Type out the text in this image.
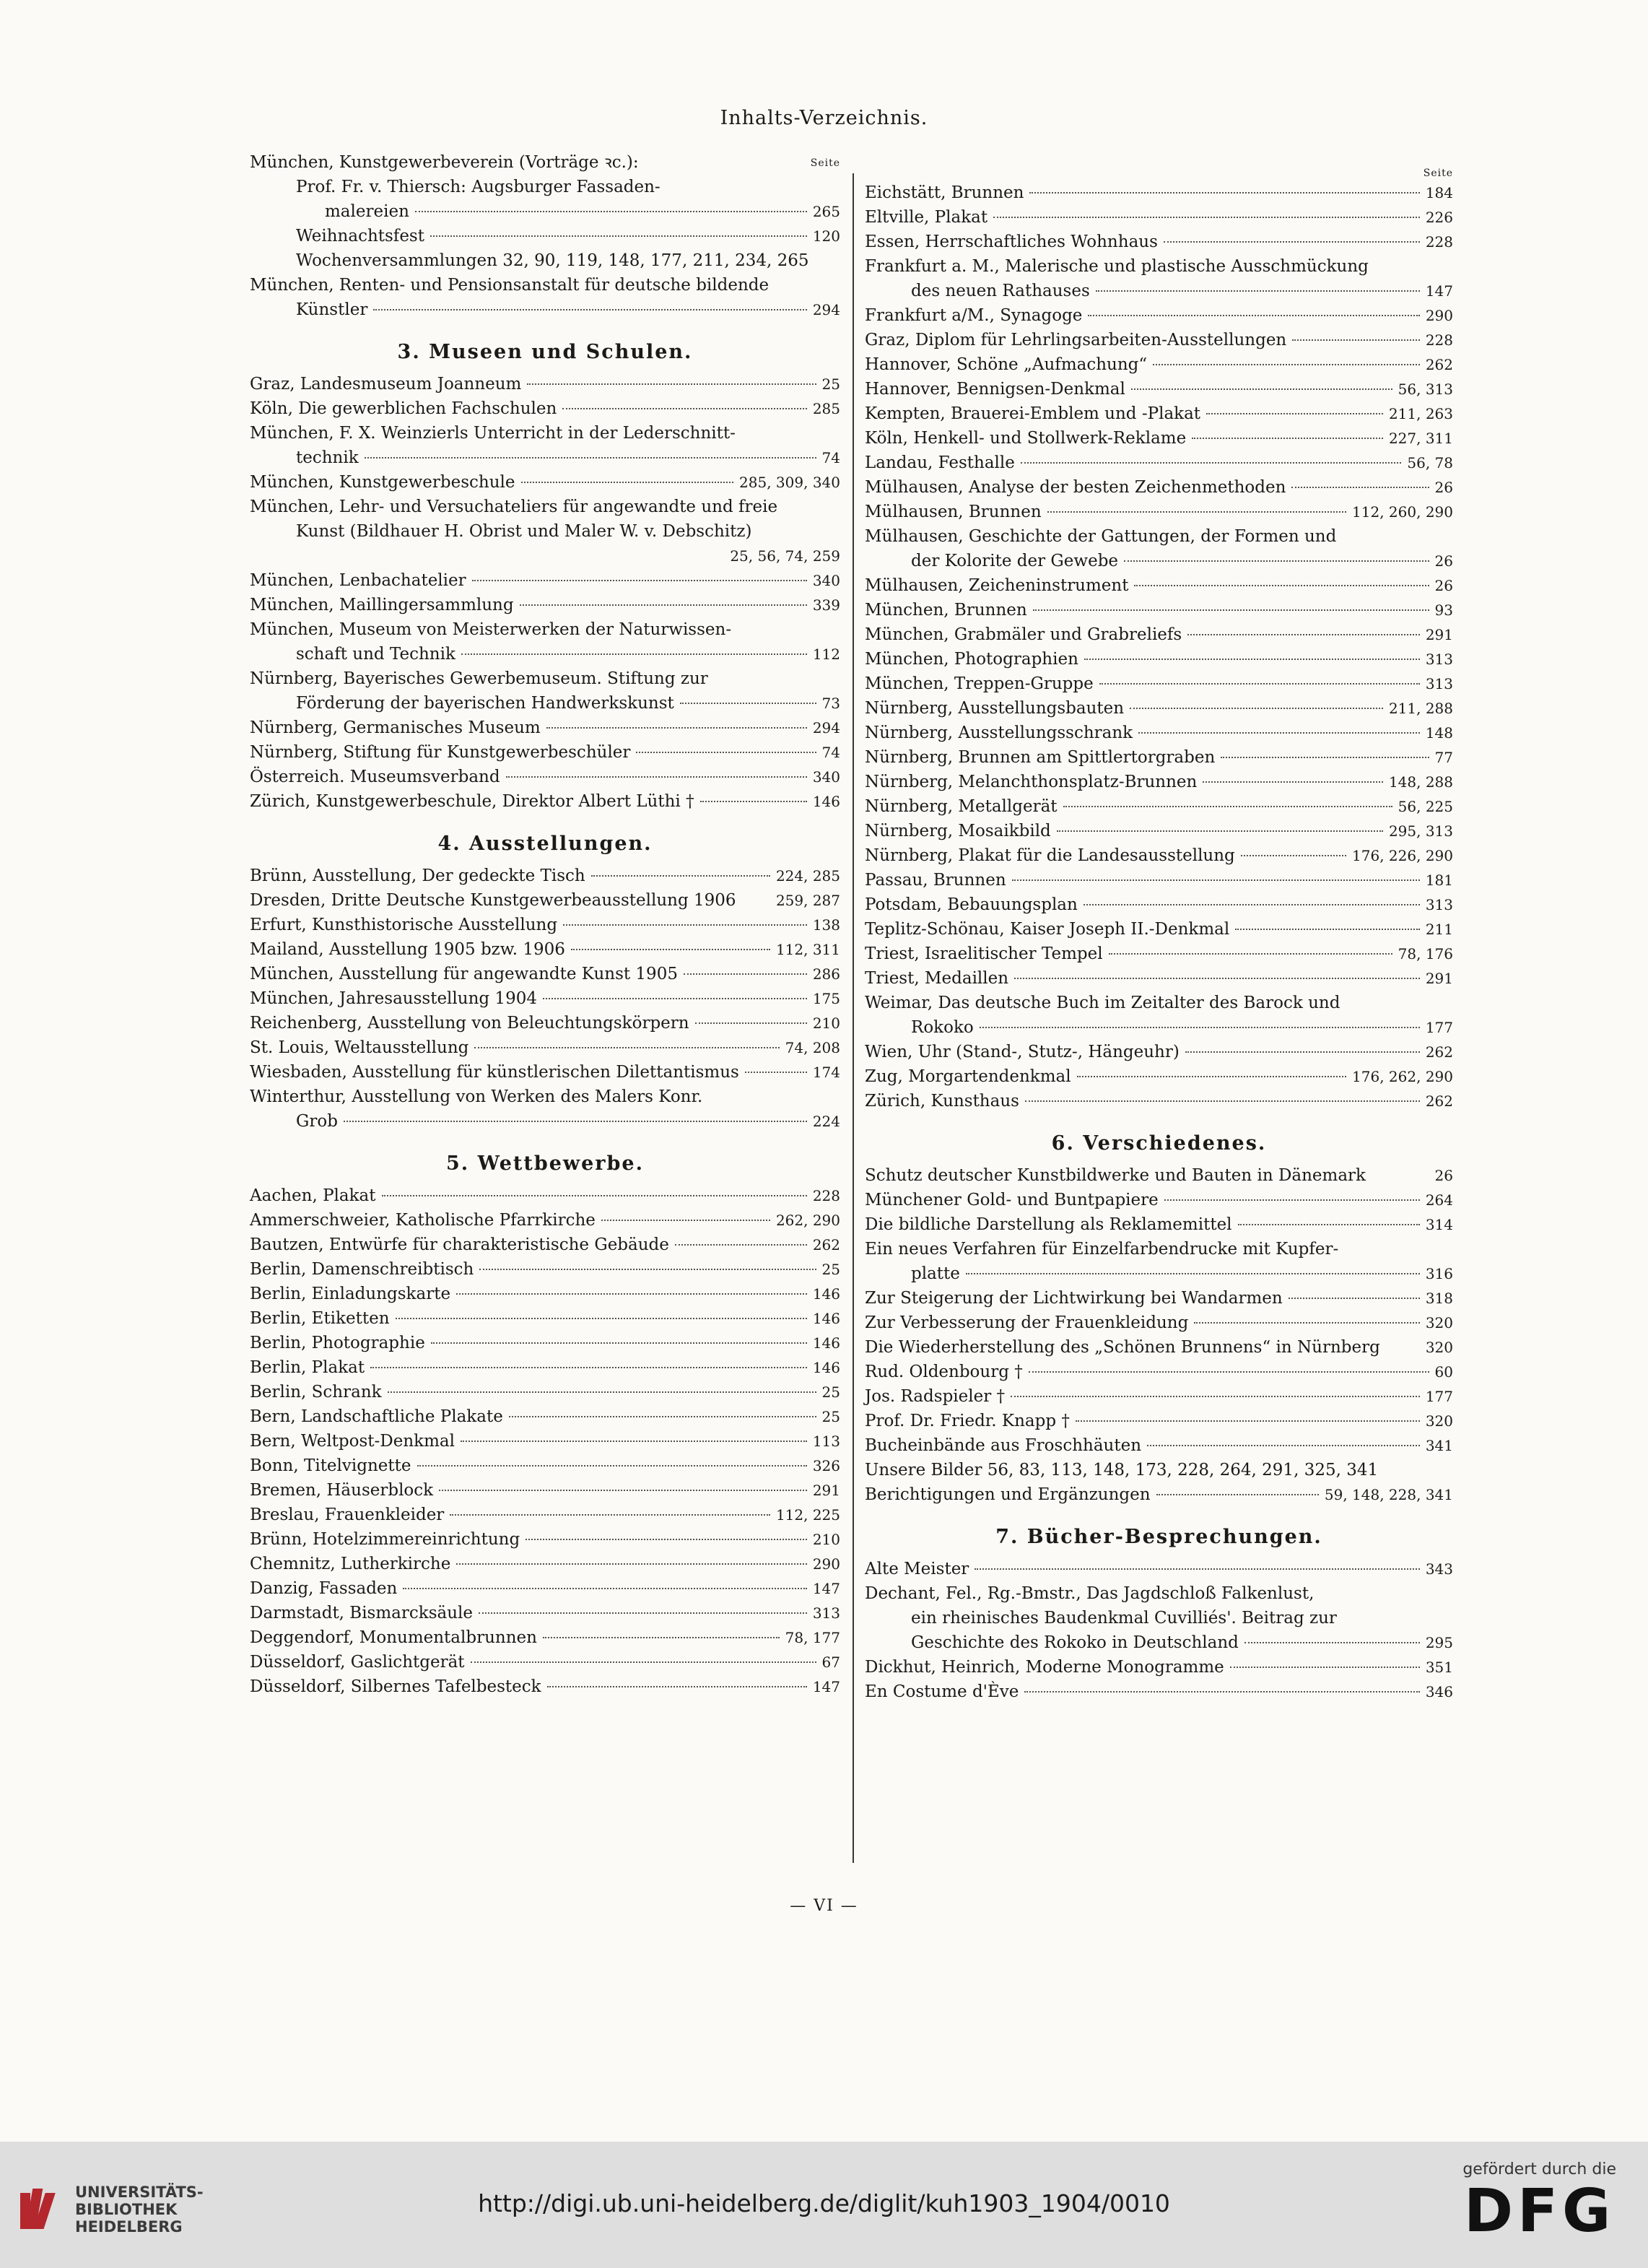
Inhalts-Verzeichnis.
Seite
München, Kunstgewerbeverein (Vorträge ꝛc.):
Prof. Fr. v. Thiersch: Augsburger Fassaden-
malereien	265
Weihnachtsfest	120
Wochenversammlungen 32, 90, 119, 148, 177, 211, 234, 265
München, Renten- und Pensionsanstalt für deutsche bildende
Künstler	294
3. Museen und Schulen.
Graz, Landesmuseum Joanneum	25
Köln, Die gewerblichen Fachschulen	285
München, F. X. Weinzierls Unterricht in der Lederschnitt-
technik	74
München, Kunstgewerbeschule	285, 309, 340
München, Lehr- und Versuchateliers für angewandte und freie
Kunst (Bildhauer H. Obrist und Maler W. v. Debschitz)
25, 56, 74, 259
München, Lenbachatelier	340
München, Maillingersammlung	339
München, Museum von Meisterwerken der Naturwissen-
schaft und Technik	112
Nürnberg, Bayerisches Gewerbemuseum. Stiftung zur
Förderung der bayerischen Handwerkskunst	73
Nürnberg, Germanisches Museum	294
Nürnberg, Stiftung für Kunstgewerbeschüler	74
Österreich. Museumsverband	340
Zürich, Kunstgewerbeschule, Direktor Albert Lüthi †	146
4. Ausstellungen.
Brünn, Ausstellung, Der gedeckte Tisch	224, 285
Dresden, Dritte Deutsche Kunstgewerbeausstellung 1906	259, 287
Erfurt, Kunsthistorische Ausstellung	138
Mailand, Ausstellung 1905 bzw. 1906	112, 311
München, Ausstellung für angewandte Kunst 1905	286
München, Jahresausstellung 1904	175
Reichenberg, Ausstellung von Beleuchtungskörpern	210
St. Louis, Weltausstellung	74, 208
Wiesbaden, Ausstellung für künstlerischen Dilettantismus	174
Winterthur, Ausstellung von Werken des Malers Konr.
Grob	224
5. Wettbewerbe.
Aachen, Plakat	228
Ammerschweier, Katholische Pfarrkirche	262, 290
Bautzen, Entwürfe für charakteristische Gebäude	262
Berlin, Damenschreibtisch	25
Berlin, Einladungskarte	146
Berlin, Etiketten	146
Berlin, Photographie	146
Berlin, Plakat	146
Berlin, Schrank	25
Bern, Landschaftliche Plakate	25
Bern, Weltpost-Denkmal	113
Bonn, Titelvignette	326
Bremen, Häuserblock	291
Breslau, Frauenkleider	112, 225
Brünn, Hotelzimmereinrichtung	210
Chemnitz, Lutherkirche	290
Danzig, Fassaden	147
Darmstadt, Bismarcksäule	313
Deggendorf, Monumentalbrunnen	78, 177
Düsseldorf, Gaslichtgerät	67
Düsseldorf, Silbernes Tafelbesteck	147
Seite
Eichstätt, Brunnen	184
Eltville, Plakat	226
Essen, Herrschaftliches Wohnhaus	228
Frankfurt a. M., Malerische und plastische Ausschmückung
des neuen Rathauses	147
Frankfurt a/M., Synagoge	290
Graz, Diplom für Lehrlingsarbeiten-Ausstellungen	228
Hannover, Schöne „Aufmachung“	262
Hannover, Bennigsen-Denkmal	56, 313
Kempten, Brauerei-Emblem und -Plakat	211, 263
Köln, Henkell- und Stollwerk-Reklame	227, 311
Landau, Festhalle	56, 78
Mülhausen, Analyse der besten Zeichenmethoden	26
Mülhausen, Brunnen	112, 260, 290
Mülhausen, Geschichte der Gattungen, der Formen und
der Kolorite der Gewebe	26
Mülhausen, Zeicheninstrument	26
München, Brunnen	93
München, Grabmäler und Grabreliefs	291
München, Photographien	313
München, Treppen-Gruppe	313
Nürnberg, Ausstellungsbauten	211, 288
Nürnberg, Ausstellungsschrank	148
Nürnberg, Brunnen am Spittlertorgraben	77
Nürnberg, Melanchthonsplatz-Brunnen	148, 288
Nürnberg, Metallgerät	56, 225
Nürnberg, Mosaikbild	295, 313
Nürnberg, Plakat für die Landesausstellung	176, 226, 290
Passau, Brunnen	181
Potsdam, Bebauungsplan	313
Teplitz-Schönau, Kaiser Joseph II.-Denkmal	211
Triest, Israelitischer Tempel	78, 176
Triest, Medaillen	291
Weimar, Das deutsche Buch im Zeitalter des Barock und
Rokoko	177
Wien, Uhr (Stand-, Stutz-, Hängeuhr)	262
Zug, Morgartendenkmal	176, 262, 290
Zürich, Kunsthaus	262
6. Verschiedenes.
Schutz deutscher Kunstbildwerke und Bauten in Dänemark	26
Münchener Gold- und Buntpapiere	264
Die bildliche Darstellung als Reklamemittel	314
Ein neues Verfahren für Einzelfarbendrucke mit Kupfer-
platte	316
Zur Steigerung der Lichtwirkung bei Wandarmen	318
Zur Verbesserung der Frauenkleidung	320
Die Wiederherstellung des „Schönen Brunnens“ in Nürnberg	320
Rud. Oldenbourg †	60
Jos. Radspieler †	177
Prof. Dr. Friedr. Knapp †	320
Bucheinbände aus Froschhäuten	341
Unsere Bilder 56, 83, 113, 148, 173, 228, 264, 291, 325, 341
Berichtigungen und Ergänzungen	59, 148, 228, 341
7. Bücher-Besprechungen.
Alte Meister	343
Dechant, Fel., Rg.-Bmstr., Das Jagdschloß Falkenlust,
ein rheinisches Baudenkmal Cuvilliés'. Beitrag zur
Geschichte des Rokoko in Deutschland	295
Dickhut, Heinrich, Moderne Monogramme	351
En Costume d'Ève	346
— VI —
UNIVERSITÄTS-
BIBLIOTHEK
HEIDELBERG
http://digi.ub.uni-heidelberg.de/diglit/kuh1903_1904/0010
gefördert durch die
DFG
